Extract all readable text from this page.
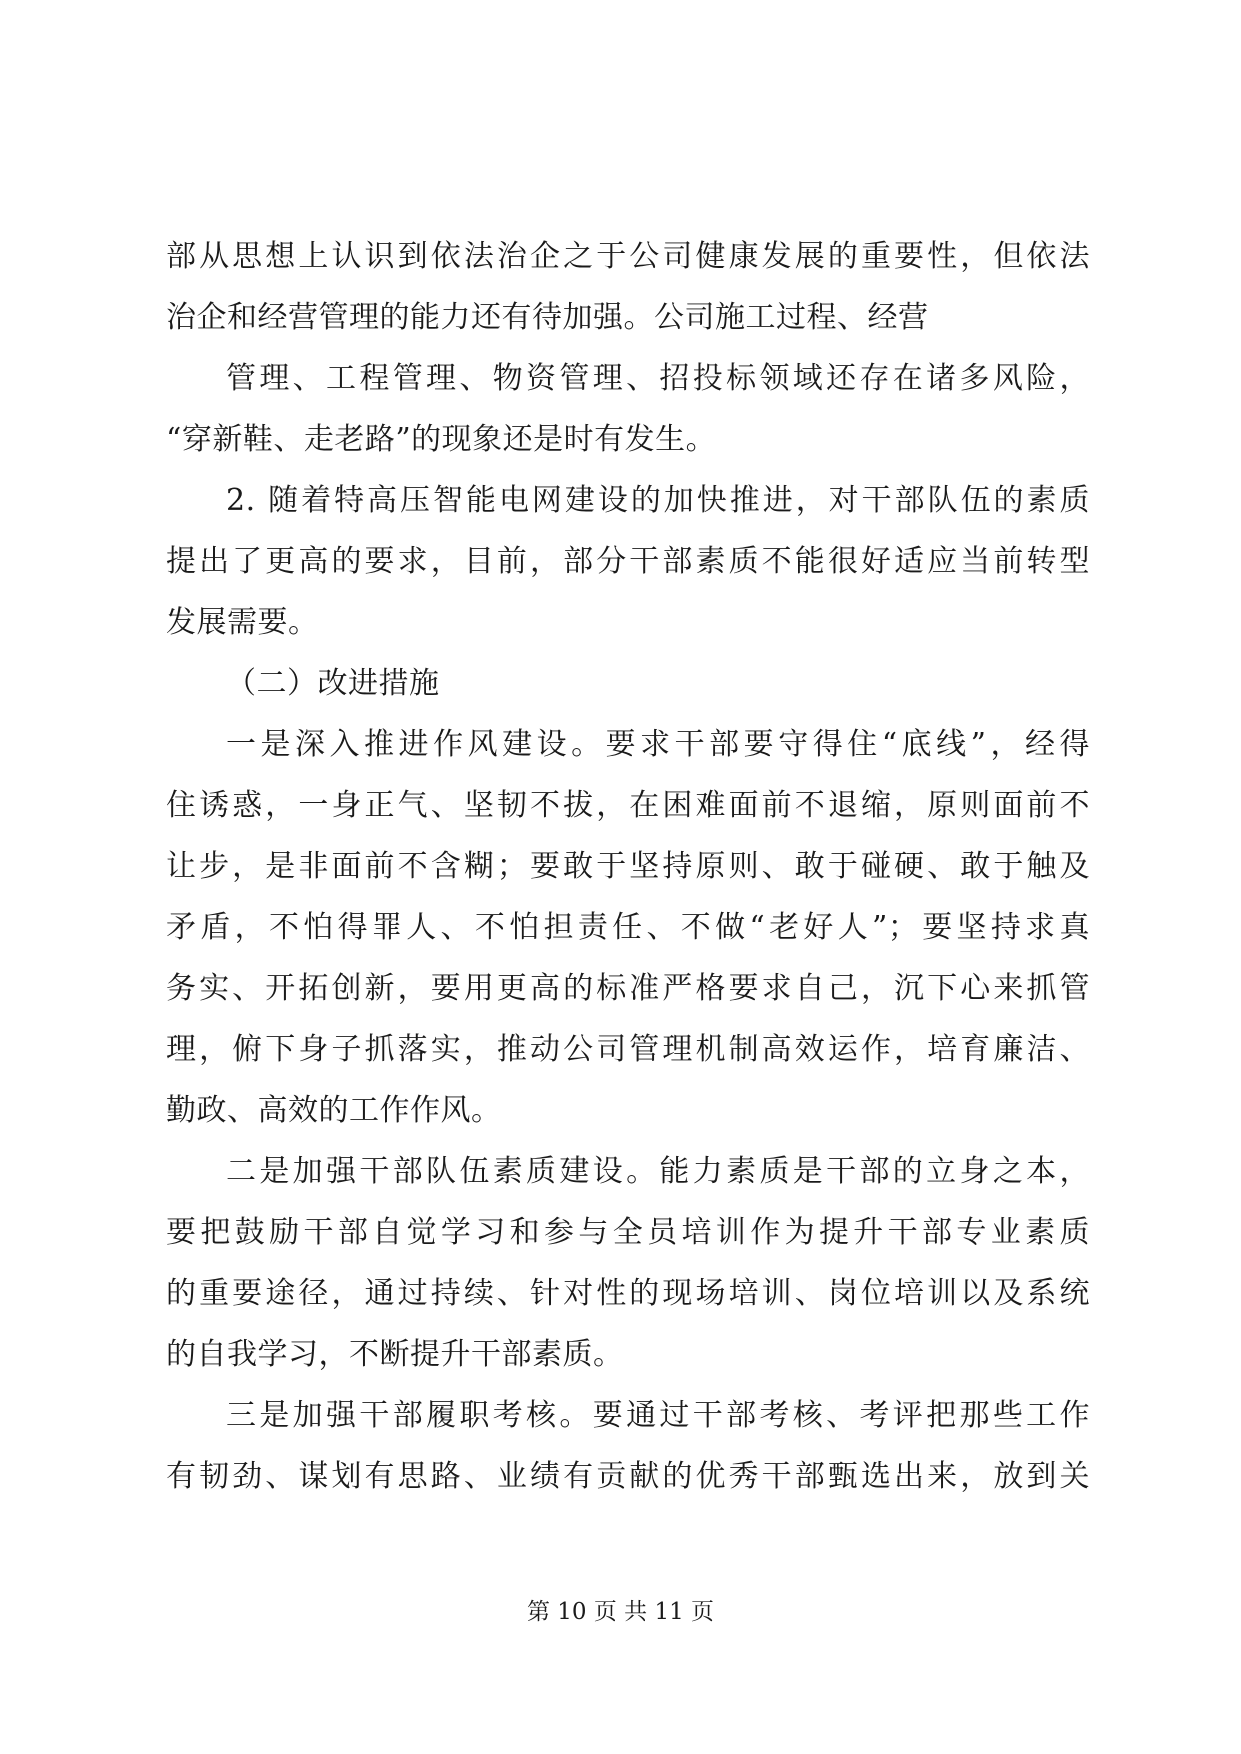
部从思想上认识到依法治企之于公司健康发展的重要性，但依法
治企和经营管理的能力还有待加强。公司施工过程、经营
管理、工程管理、物资管理、招投标领域还存在诸多风险，
“穿新鞋、走老路”的现象还是时有发生。
2. 随着特高压智能电网建设的加快推进，对干部队伍的素质
提出了更高的要求，目前，部分干部素质不能很好适应当前转型
发展需要。
（二）改进措施
一是深入推进作风建设。要求干部要守得住“底线”，经得
住诱惑，一身正气、坚韧不拔，在困难面前不退缩，原则面前不
让步，是非面前不含糊；要敢于坚持原则、敢于碰硬、敢于触及
矛盾，不怕得罪人、不怕担责任、不做“老好人”；要坚持求真
务实、开拓创新，要用更高的标准严格要求自己，沉下心来抓管
理，俯下身子抓落实，推动公司管理机制高效运作，培育廉洁、
勤政、高效的工作作风。
二是加强干部队伍素质建设。能力素质是干部的立身之本，
要把鼓励干部自觉学习和参与全员培训作为提升干部专业素质
的重要途径，通过持续、针对性的现场培训、岗位培训以及系统
的自我学习，不断提升干部素质。
三是加强干部履职考核。要通过干部考核、考评把那些工作
有韧劲、谋划有思路、业绩有贡献的优秀干部甄选出来，放到关
第 10 页 共 11 页
